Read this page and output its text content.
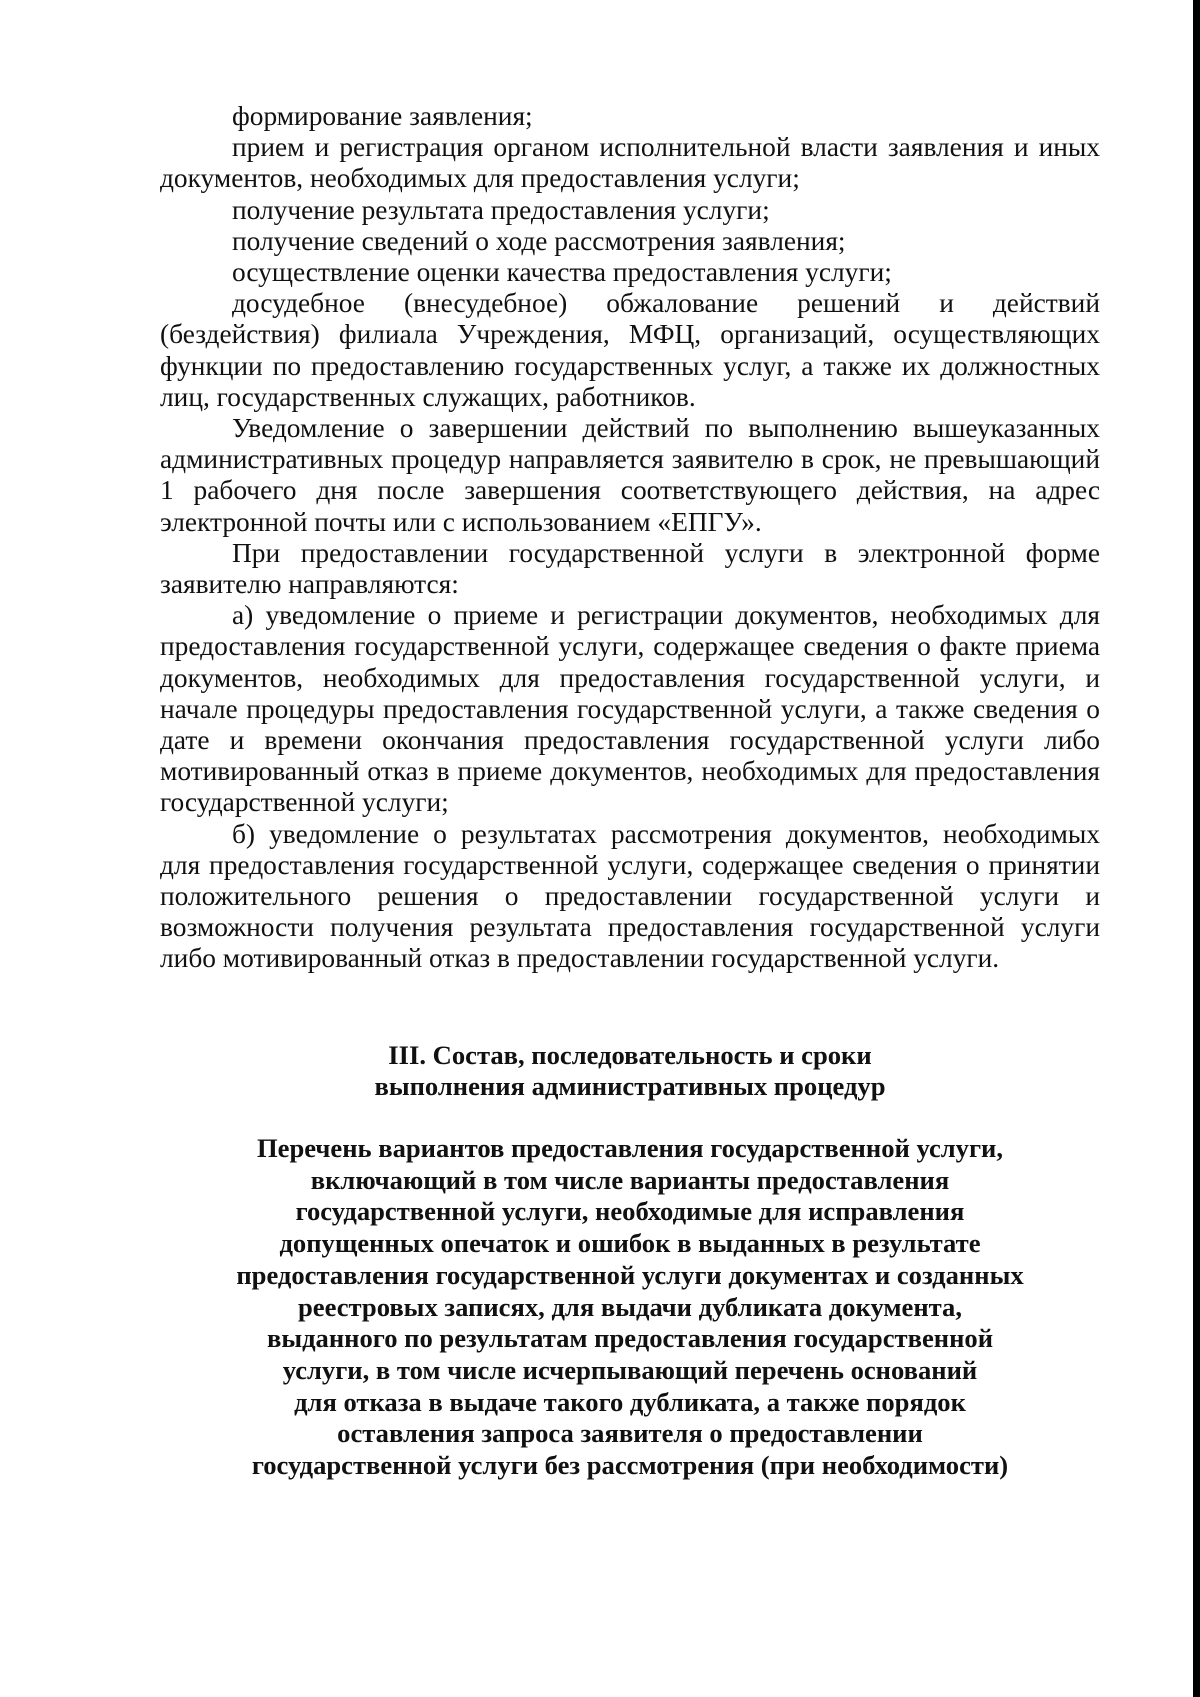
формирование заявления;

прием и регистрация органом исполнительной власти заявления и иных документов, необходимых для предоставления услуги;

получение результата предоставления услуги;

получение сведений о ходе рассмотрения заявления;

осуществление оценки качества предоставления услуги;

досудебное (внесудебное) обжалование решений и действий (бездействия) филиала Учреждения, МФЦ, организаций, осуществляющих функции по предоставлению государственных услуг, а также их должностных лиц, государственных служащих, работников.

Уведомление о завершении действий по выполнению вышеуказанных административных процедур направляется заявителю в срок, не превышающий 1 рабочего дня после завершения соответствующего действия, на адрес электронной почты или с использованием «ЕПГУ».

При предоставлении государственной услуги в электронной форме заявителю направляются:

а) уведомление о приеме и регистрации документов, необходимых для предоставления государственной услуги, содержащее сведения о факте приема документов, необходимых для предоставления государственной услуги, и начале процедуры предоставления государственной услуги, а также сведения о дате и времени окончания предоставления государственной услуги либо мотивированный отказ в приеме документов, необходимых для предоставления государственной услуги;

б) уведомление о результатах рассмотрения документов, необходимых для предоставления государственной услуги, содержащее сведения о принятии положительного решения о предоставлении государственной услуги и возможности получения результата предоставления государственной услуги либо мотивированный отказ в предоставлении государственной услуги.

III. Состав, последовательность и сроки
выполнения административных процедур
Перечень вариантов предоставления государственной услуги,
включающий в том числе варианты предоставления
государственной услуги, необходимые для исправления
допущенных опечаток и ошибок в выданных в результате
предоставления государственной услуги документах и созданных
реестровых записях, для выдачи дубликата документа,
выданного по результатам предоставления государственной
услуги, в том числе исчерпывающий перечень оснований
для отказа в выдаче такого дубликата, а также порядок
оставления запроса заявителя о предоставлении
государственной услуги без рассмотрения (при необходимости)
